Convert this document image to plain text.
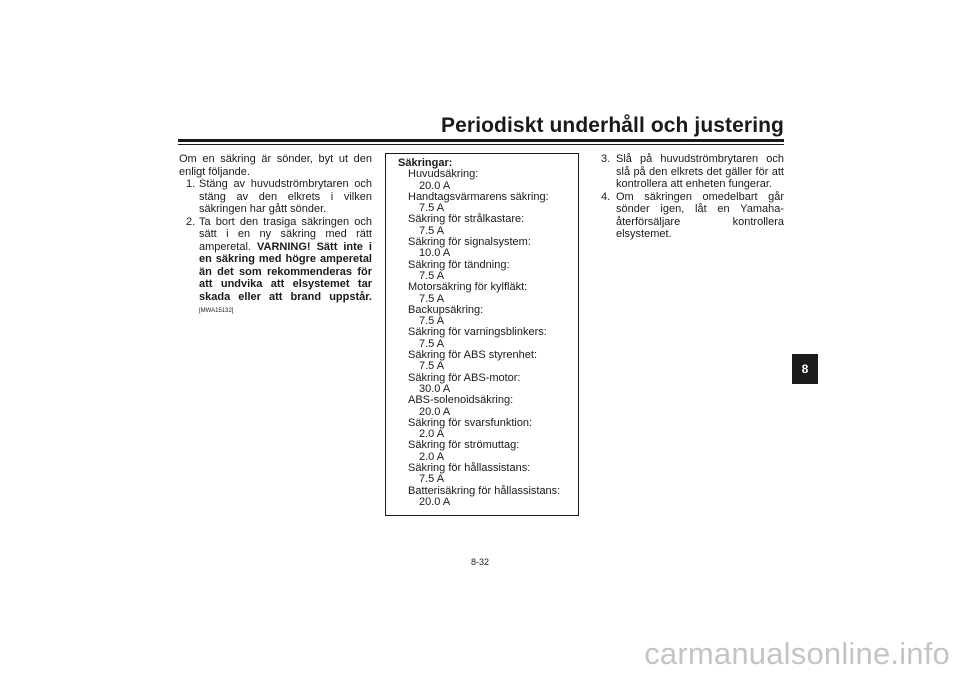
Periodiskt underhåll och justering
Om en säkring är sönder, byt ut den enligt följande.
1. Stäng av huvudströmbrytaren och stäng av den elkrets i vilken säkringen har gått sönder.
2. Ta bort den trasiga säkringen och sätt i en ny säkring med rätt amperetal. VARNING! Sätt inte i en säkring med högre amperetal än det som rekommenderas för att undvika att elsystemet tar skada eller att brand uppstår. [MWA15132]
Säkringar:
Huvudsäkring:
20.0 A
Handtagsvärmarens säkring:
7.5 A
Säkring för strålkastare:
7.5 A
Säkring för signalsystem:
10.0 A
Säkring för tändning:
7.5 A
Motorsäkring för kylfläkt:
7.5 A
Backupsäkring:
7.5 A
Säkring för varningsblinkers:
7.5 A
Säkring för ABS styrenhet:
7.5 A
Säkring för ABS-motor:
30.0 A
ABS-solenoidsäkring:
20.0 A
Säkring för svarsfunktion:
2.0 A
Säkring för strömuttag:
2.0 A
Säkring för hållassistans:
7.5 A
Batterisäkring för hållassistans:
20.0 A
3. Slå på huvudströmbrytaren och slå på den elkrets det gäller för att kontrollera att enheten fungerar.
4. Om säkringen omedelbart går sönder igen, låt en Yamaha-återförsäljare kontrollera elsystemet.
8
8-32
carmanualsonline.info
